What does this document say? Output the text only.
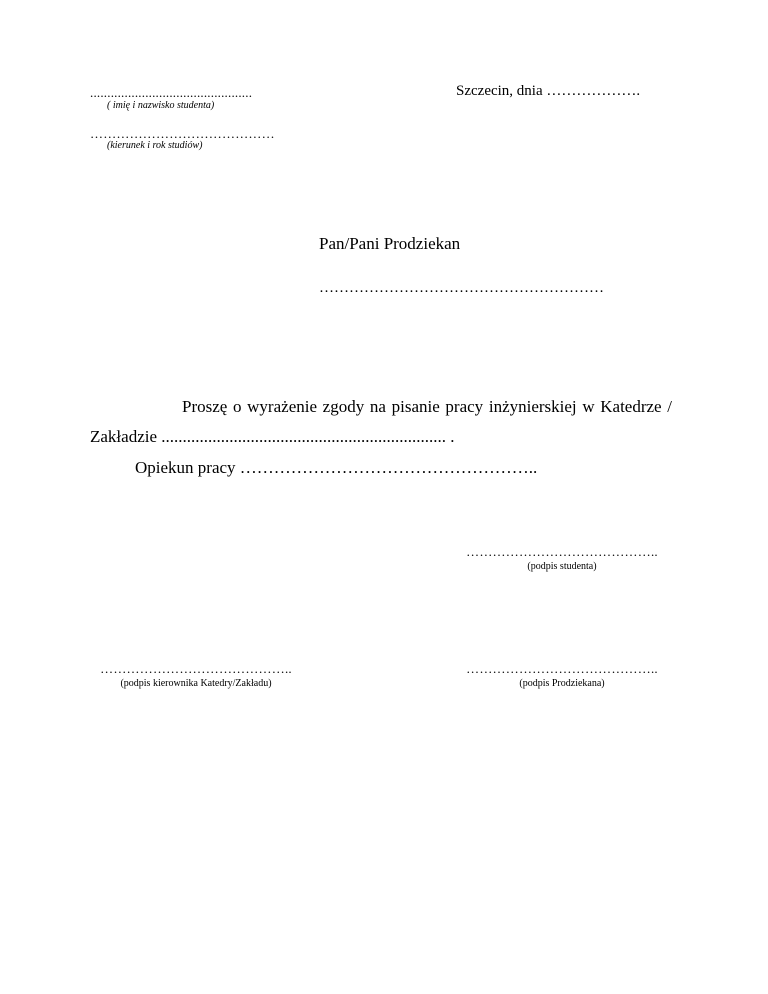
...............................................
( imię i nazwisko studenta)
……………………………………
(kierunek i rok studiów)
Szczecin, dnia ……………….
Pan/Pani Prodziekan
…………………………………………………
Proszę o wyrażenie zgody na pisanie pracy inżynierskiej w Katedrze /
Zakładzie ................................................................... .
Opiekun pracy ……………………………………………..
……………………………………..
(podpis studenta)
……………………………………..
(podpis kierownika Katedry/Zakładu)
……………………………………..
(podpis Prodziekana)
